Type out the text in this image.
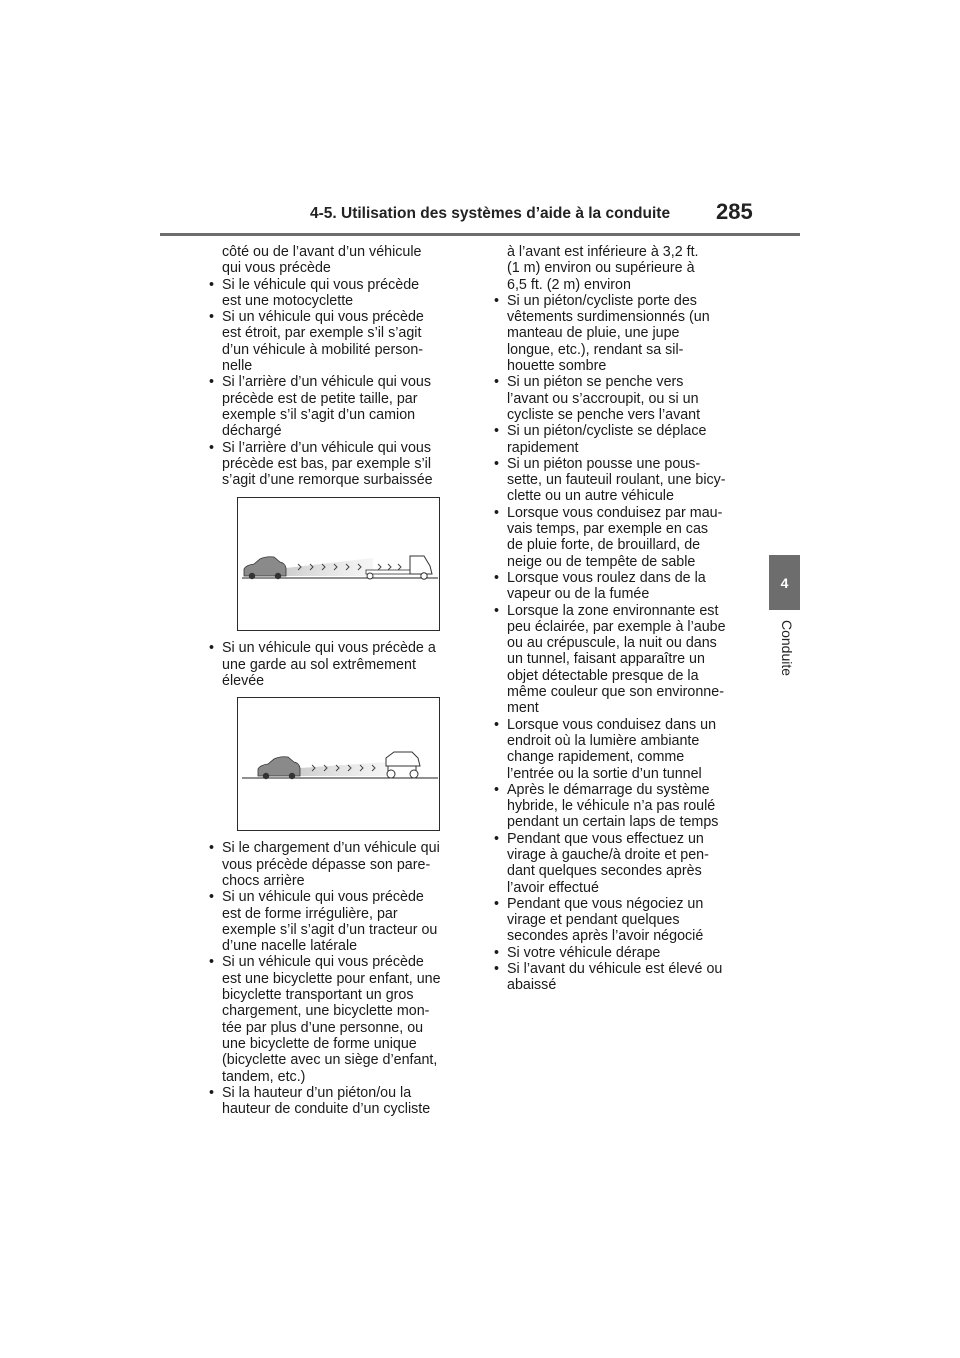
4-5. Utilisation des systèmes d’aide à la conduite 285
4
Conduite
côté ou de l’avant d’un véhicule
qui vous précède
• Si le véhicule qui vous précède
est une motocyclette
• Si un véhicule qui vous précède
est étroit, par exemple s’il s’agit
d’un véhicule à mobilité person-
nelle
• Si l’arrière d’un véhicule qui vous
précède est de petite taille, par
exemple s’il s’agit d’un camion
déchargé
• Si l’arrière d’un véhicule qui vous
précède est bas, par exemple s’il
s’agit d’une remorque surbaissée
• Si un véhicule qui vous précède a
une garde au sol extrêmement
élevée
• Si le chargement d’un véhicule qui
vous précède dépasse son pare-
chocs arrière
• Si un véhicule qui vous précède
est de forme irrégulière, par
exemple s’il s’agit d’un tracteur ou
d’une nacelle latérale
• Si un véhicule qui vous précède
est une bicyclette pour enfant, une
bicyclette transportant un gros
chargement, une bicyclette mon-
tée par plus d’une personne, ou
une bicyclette de forme unique
(bicyclette avec un siège d’enfant,
tandem, etc.)
• Si la hauteur d’un piéton/ou la
hauteur de conduite d’un cycliste
à l’avant est inférieure à 3,2 ft.
(1 m) environ ou supérieure à
6,5 ft. (2 m) environ
• Si un piéton/cycliste porte des
vêtements surdimensionnés (un
manteau de pluie, une jupe
longue, etc.), rendant sa sil-
houette sombre
• Si un piéton se penche vers
l’avant ou s’accroupit, ou si un
cycliste se penche vers l’avant
• Si un piéton/cycliste se déplace
rapidement
• Si un piéton pousse une pous-
sette, un fauteuil roulant, une bicy-
clette ou un autre véhicule
• Lorsque vous conduisez par mau-
vais temps, par exemple en cas
de pluie forte, de brouillard, de
neige ou de tempête de sable
• Lorsque vous roulez dans de la
vapeur ou de la fumée
• Lorsque la zone environnante est
peu éclairée, par exemple à l’aube
ou au crépuscule, la nuit ou dans
un tunnel, faisant apparaître un
objet détectable presque de la
même couleur que son environne-
ment
• Lorsque vous conduisez dans un
endroit où la lumière ambiante
change rapidement, comme
l’entrée ou la sortie d’un tunnel
• Après le démarrage du système
hybride, le véhicule n’a pas roulé
pendant un certain laps de temps
• Pendant que vous effectuez un
virage à gauche/à droite et pen-
dant quelques secondes après
l’avoir effectué
• Pendant que vous négociez un
virage et pendant quelques
secondes après l’avoir négocié
• Si votre véhicule dérape
• Si l’avant du véhicule est élevé ou
abaissé
